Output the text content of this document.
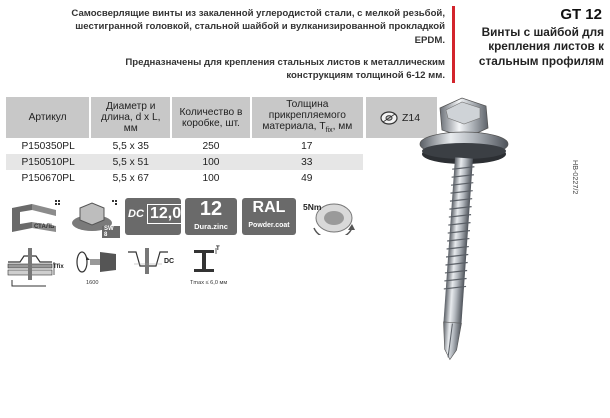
Самосверлящие винты из закаленной углеродистой стали, с мелкой резьбой, шестигранной головкой, стальной шайбой и вулканизированной прокладкой EPDM.

Предназначены для крепления стальных листов к металлическим конструкциям толщиной 6-12 мм.

GT 12
Винты с шайбой для крепления листов к стальным профилям
Артикул	Диаметр и длина, d x L, мм	Количество в коробке, шт.	Толщина прикрепляемого материала, $T_{fix}$, мм
P150350PL	5,5 x 35	250	17
P150510PL	5,5 x 51	100	33
P150670PL	5,5 x 67	100	49
Z14
HB-0227/2
СТАЛЬ	SW 8
DC 12,0 12
Dura.zinc
RAL
Powder.coat
5Nm
Tfix
1600
DC
T
Tmax ≤ 6,0 мм
